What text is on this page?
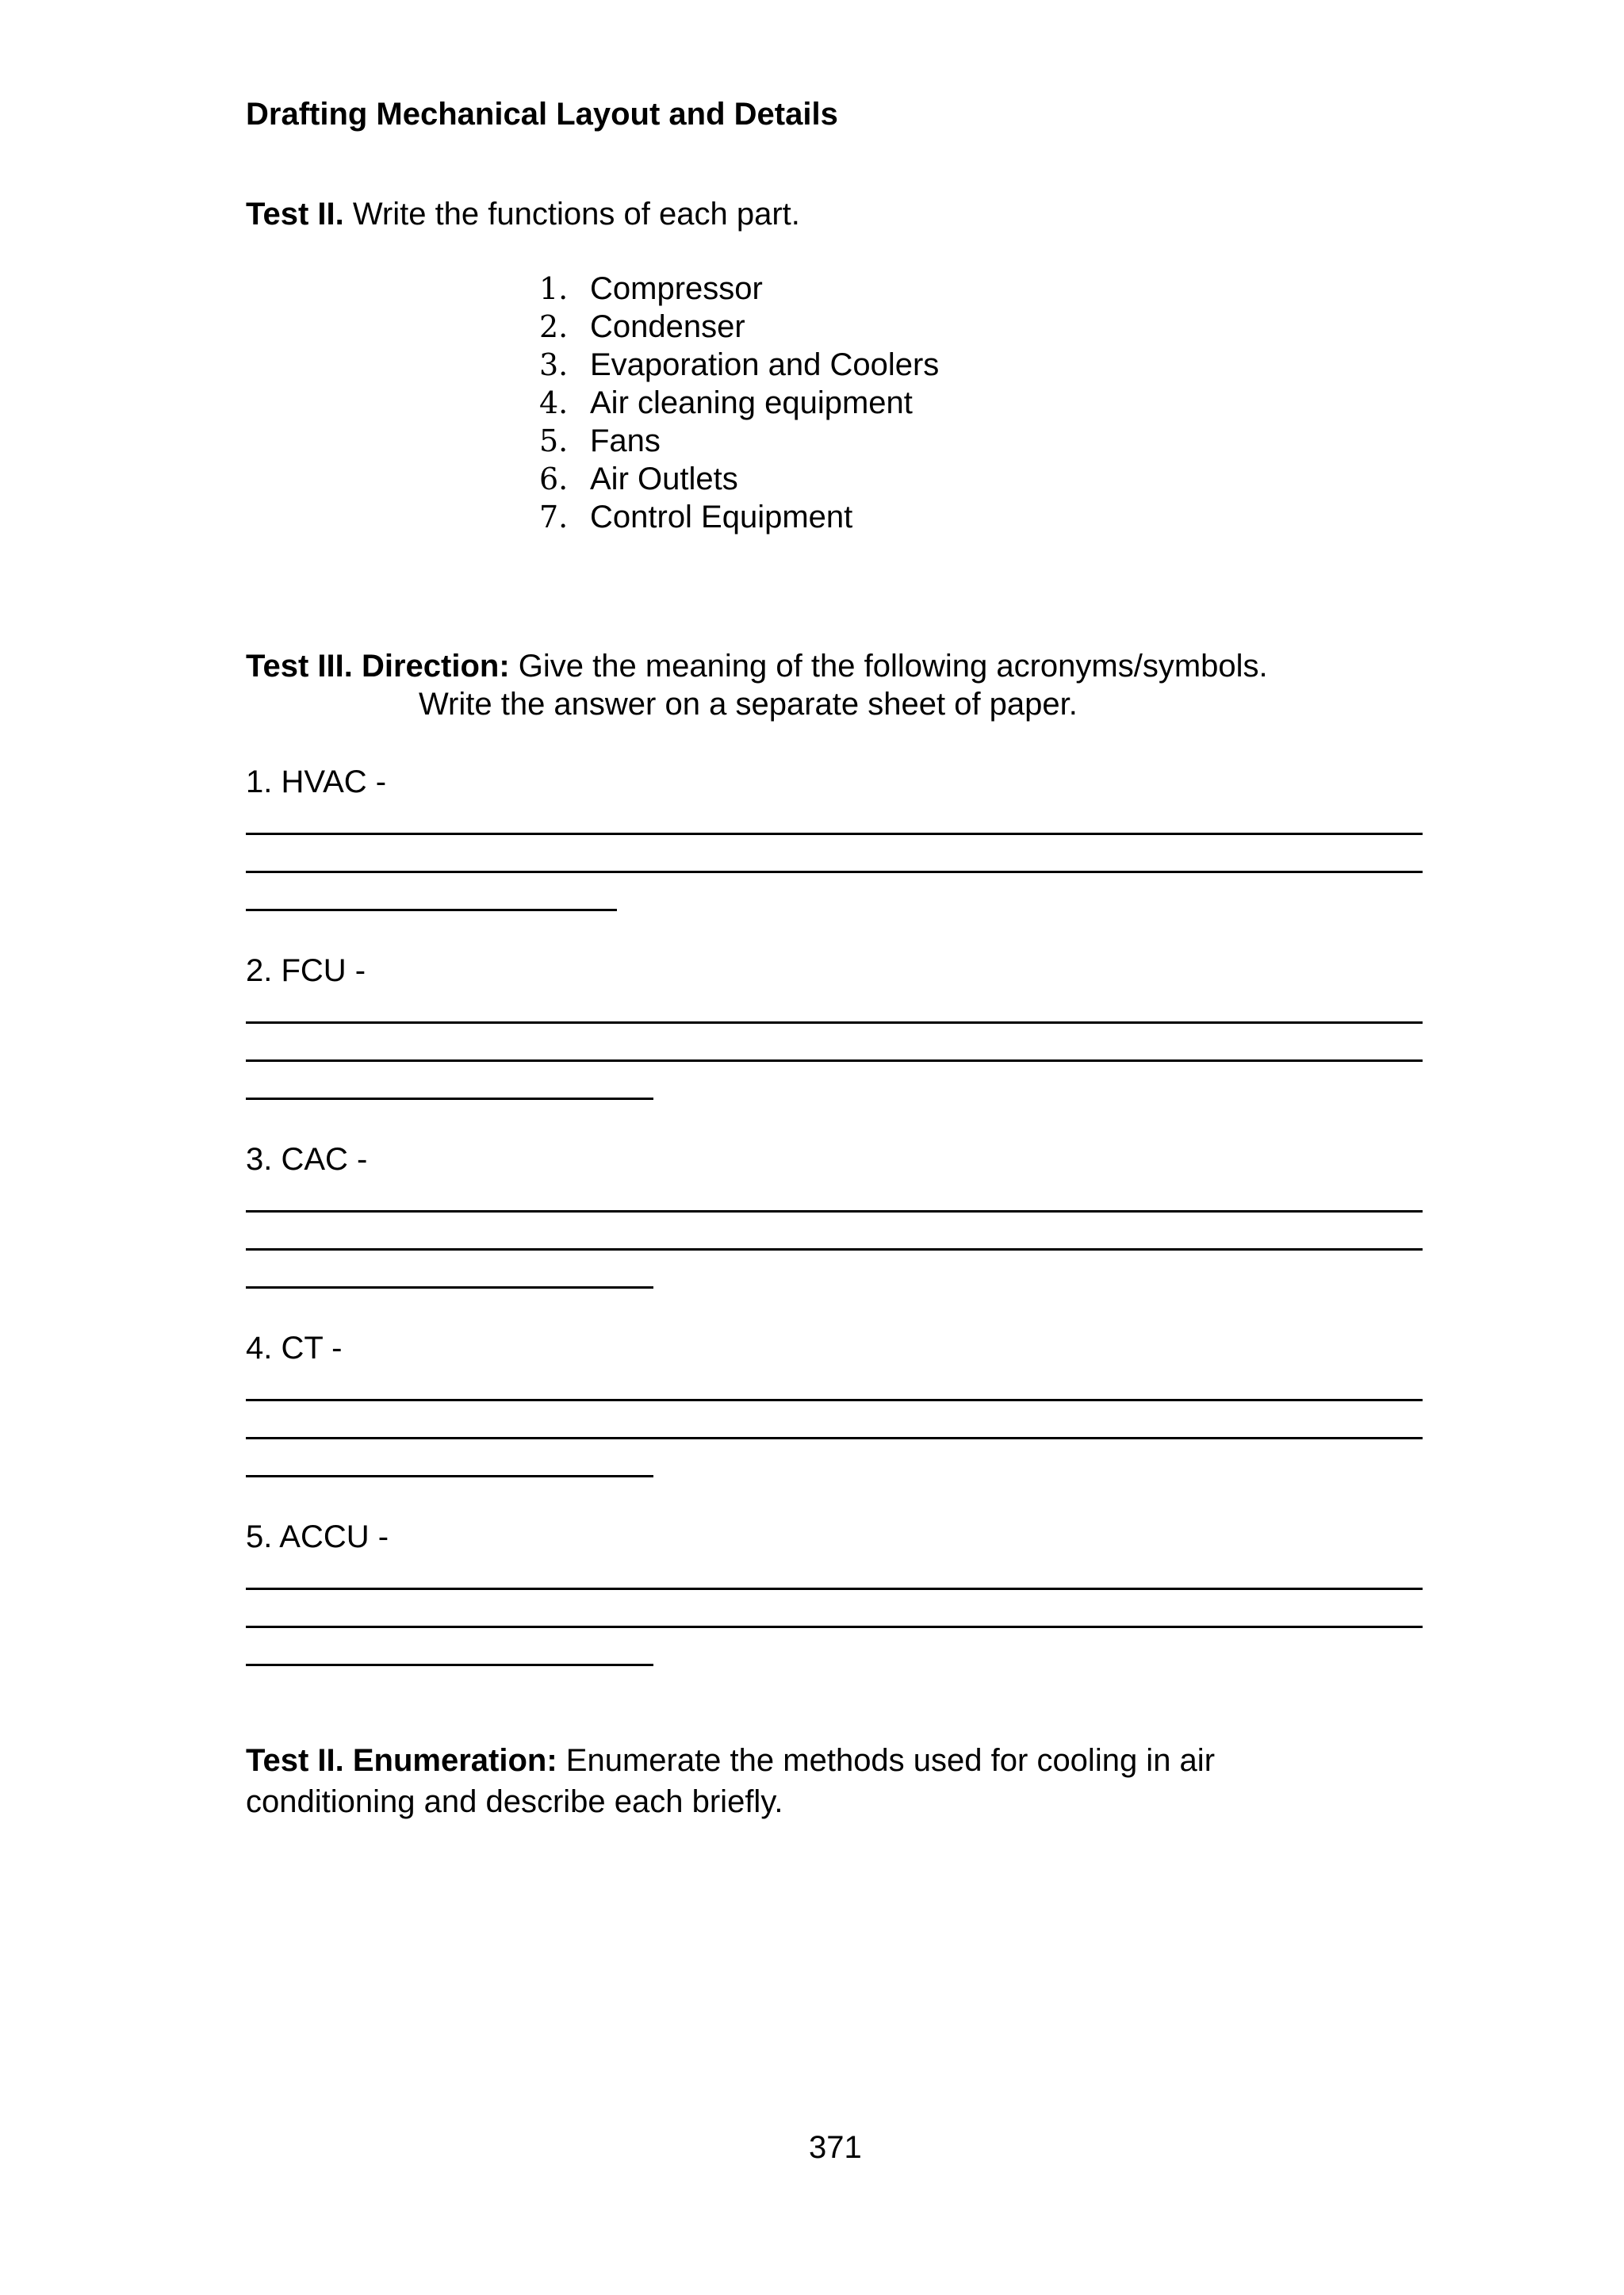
Drafting Mechanical Layout and Details
Test II. Write the functions of each part.
1. Compressor
2. Condenser
3. Evaporation and Coolers
4. Air cleaning equipment
5. Fans
6. Air Outlets
7. Control Equipment
Test III. Direction: Give the meaning of the following acronyms/symbols.
Write the answer on a separate sheet of paper.
1. HVAC -
2. FCU -
3. CAC -
4. CT -
5. ACCU -
Test II. Enumeration: Enumerate the methods used for cooling in air
conditioning and describe each briefly.
371
